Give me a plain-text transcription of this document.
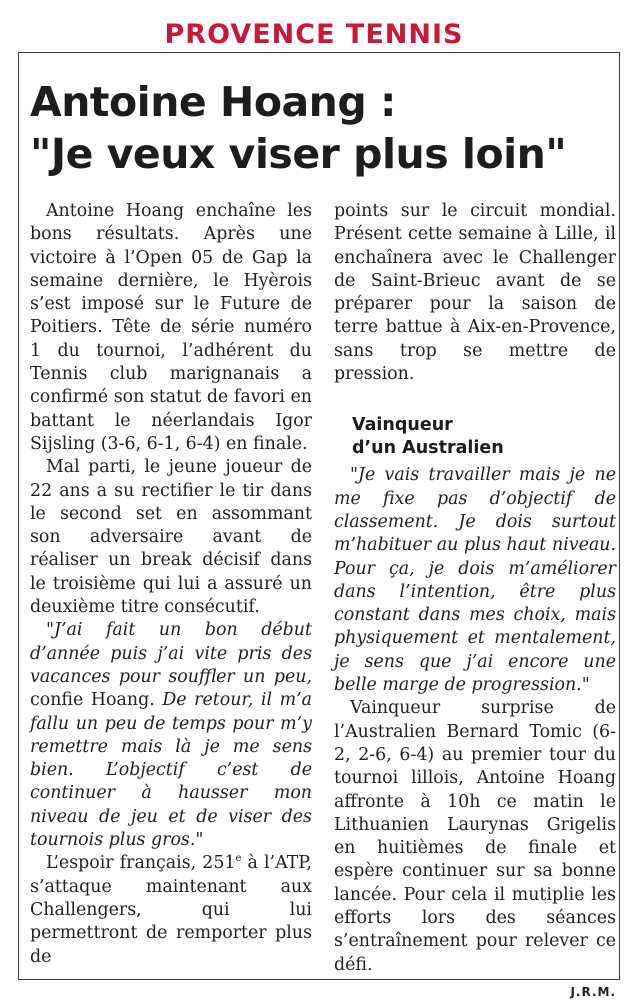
PROVENCE TENNIS
Antoine Hoang :
"Je veux viser plus loin"

Antoine Hoang enchaîne les bons résultats. Après une victoire à l’Open 05 de Gap la semaine dernière, le Hyèrois s’est imposé sur le Future de Poitiers. Tête de série numéro 1 du tournoi, l’adhérent du Tennis club marignanais a confirmé son statut de favori en battant le néerlandais Igor Sijsling (3-6, 6-1, 6-4) en finale.

Mal parti, le jeune joueur de 22 ans a su rectifier le tir dans le second set en assommant son adversaire avant de réaliser un break décisif dans le troisième qui lui a assuré un deuxième titre consécutif.

"J’ai fait un bon début d’année puis j’ai vite pris des vacances pour souffler un peu, confie Hoang. De retour, il m’a fallu un peu de temps pour m’y remettre mais là je me sens bien. L’objectif c’est de continuer à hausser mon niveau de jeu et de viser des tournois plus gros."

L’espoir français, 251e à l’ATP, s’attaque maintenant aux Challengers, qui lui permettront de remporter plus de

points sur le circuit mondial. Présent cette semaine à Lille, il enchaînera avec le Challenger de Saint-Brieuc avant de se préparer pour la saison de terre battue à Aix-en-Provence, sans trop se mettre de pression.

Vainqueur
d’un Australien

"Je vais travailler mais je ne me fixe pas d’objectif de classement. Je dois surtout m’habituer au plus haut niveau. Pour ça, je dois m’améliorer dans l’intention, être plus constant dans mes choix, mais physiquement et mentalement, je sens que j’ai encore une belle marge de progression."

Vainqueur surprise de l’Australien Bernard Tomic (6-2, 2-6, 6-4) au premier tour du tournoi lillois, Antoine Hoang affronte à 10h ce matin le Lithuanien Laurynas Grigelis en huitièmes de finale et espère continuer sur sa bonne lancée. Pour cela il mutiplie les efforts lors des séances s’entraînement pour relever ce défi.

J.R.M.
